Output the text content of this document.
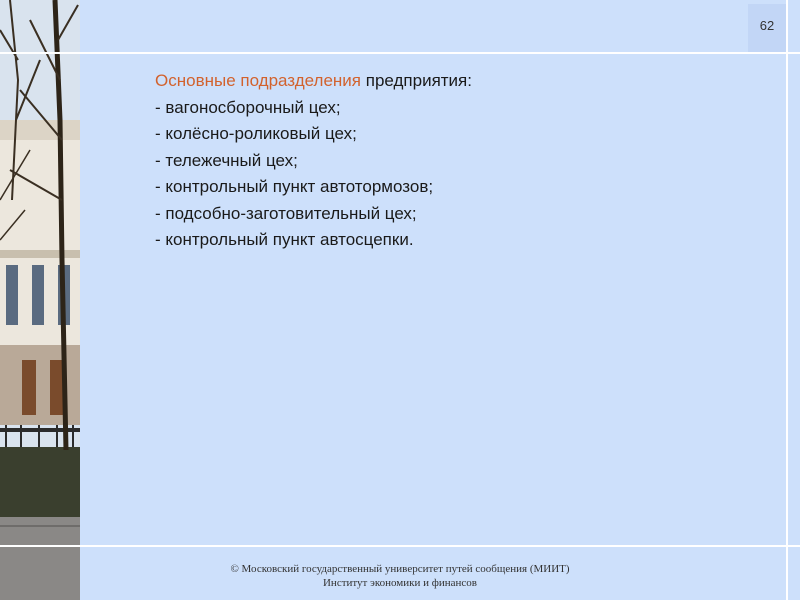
62
Основные подразделения предприятия:
- вагоносборочный цех;
- колёсно-роликовый цех;
- тележечный цех;
- контрольный пункт автотормозов;
- подсобно-заготовительный цех;
- контрольный пункт автосцепки.
© Московский государственный университет путей сообщения (МИИТ)
Институт экономики и финансов
